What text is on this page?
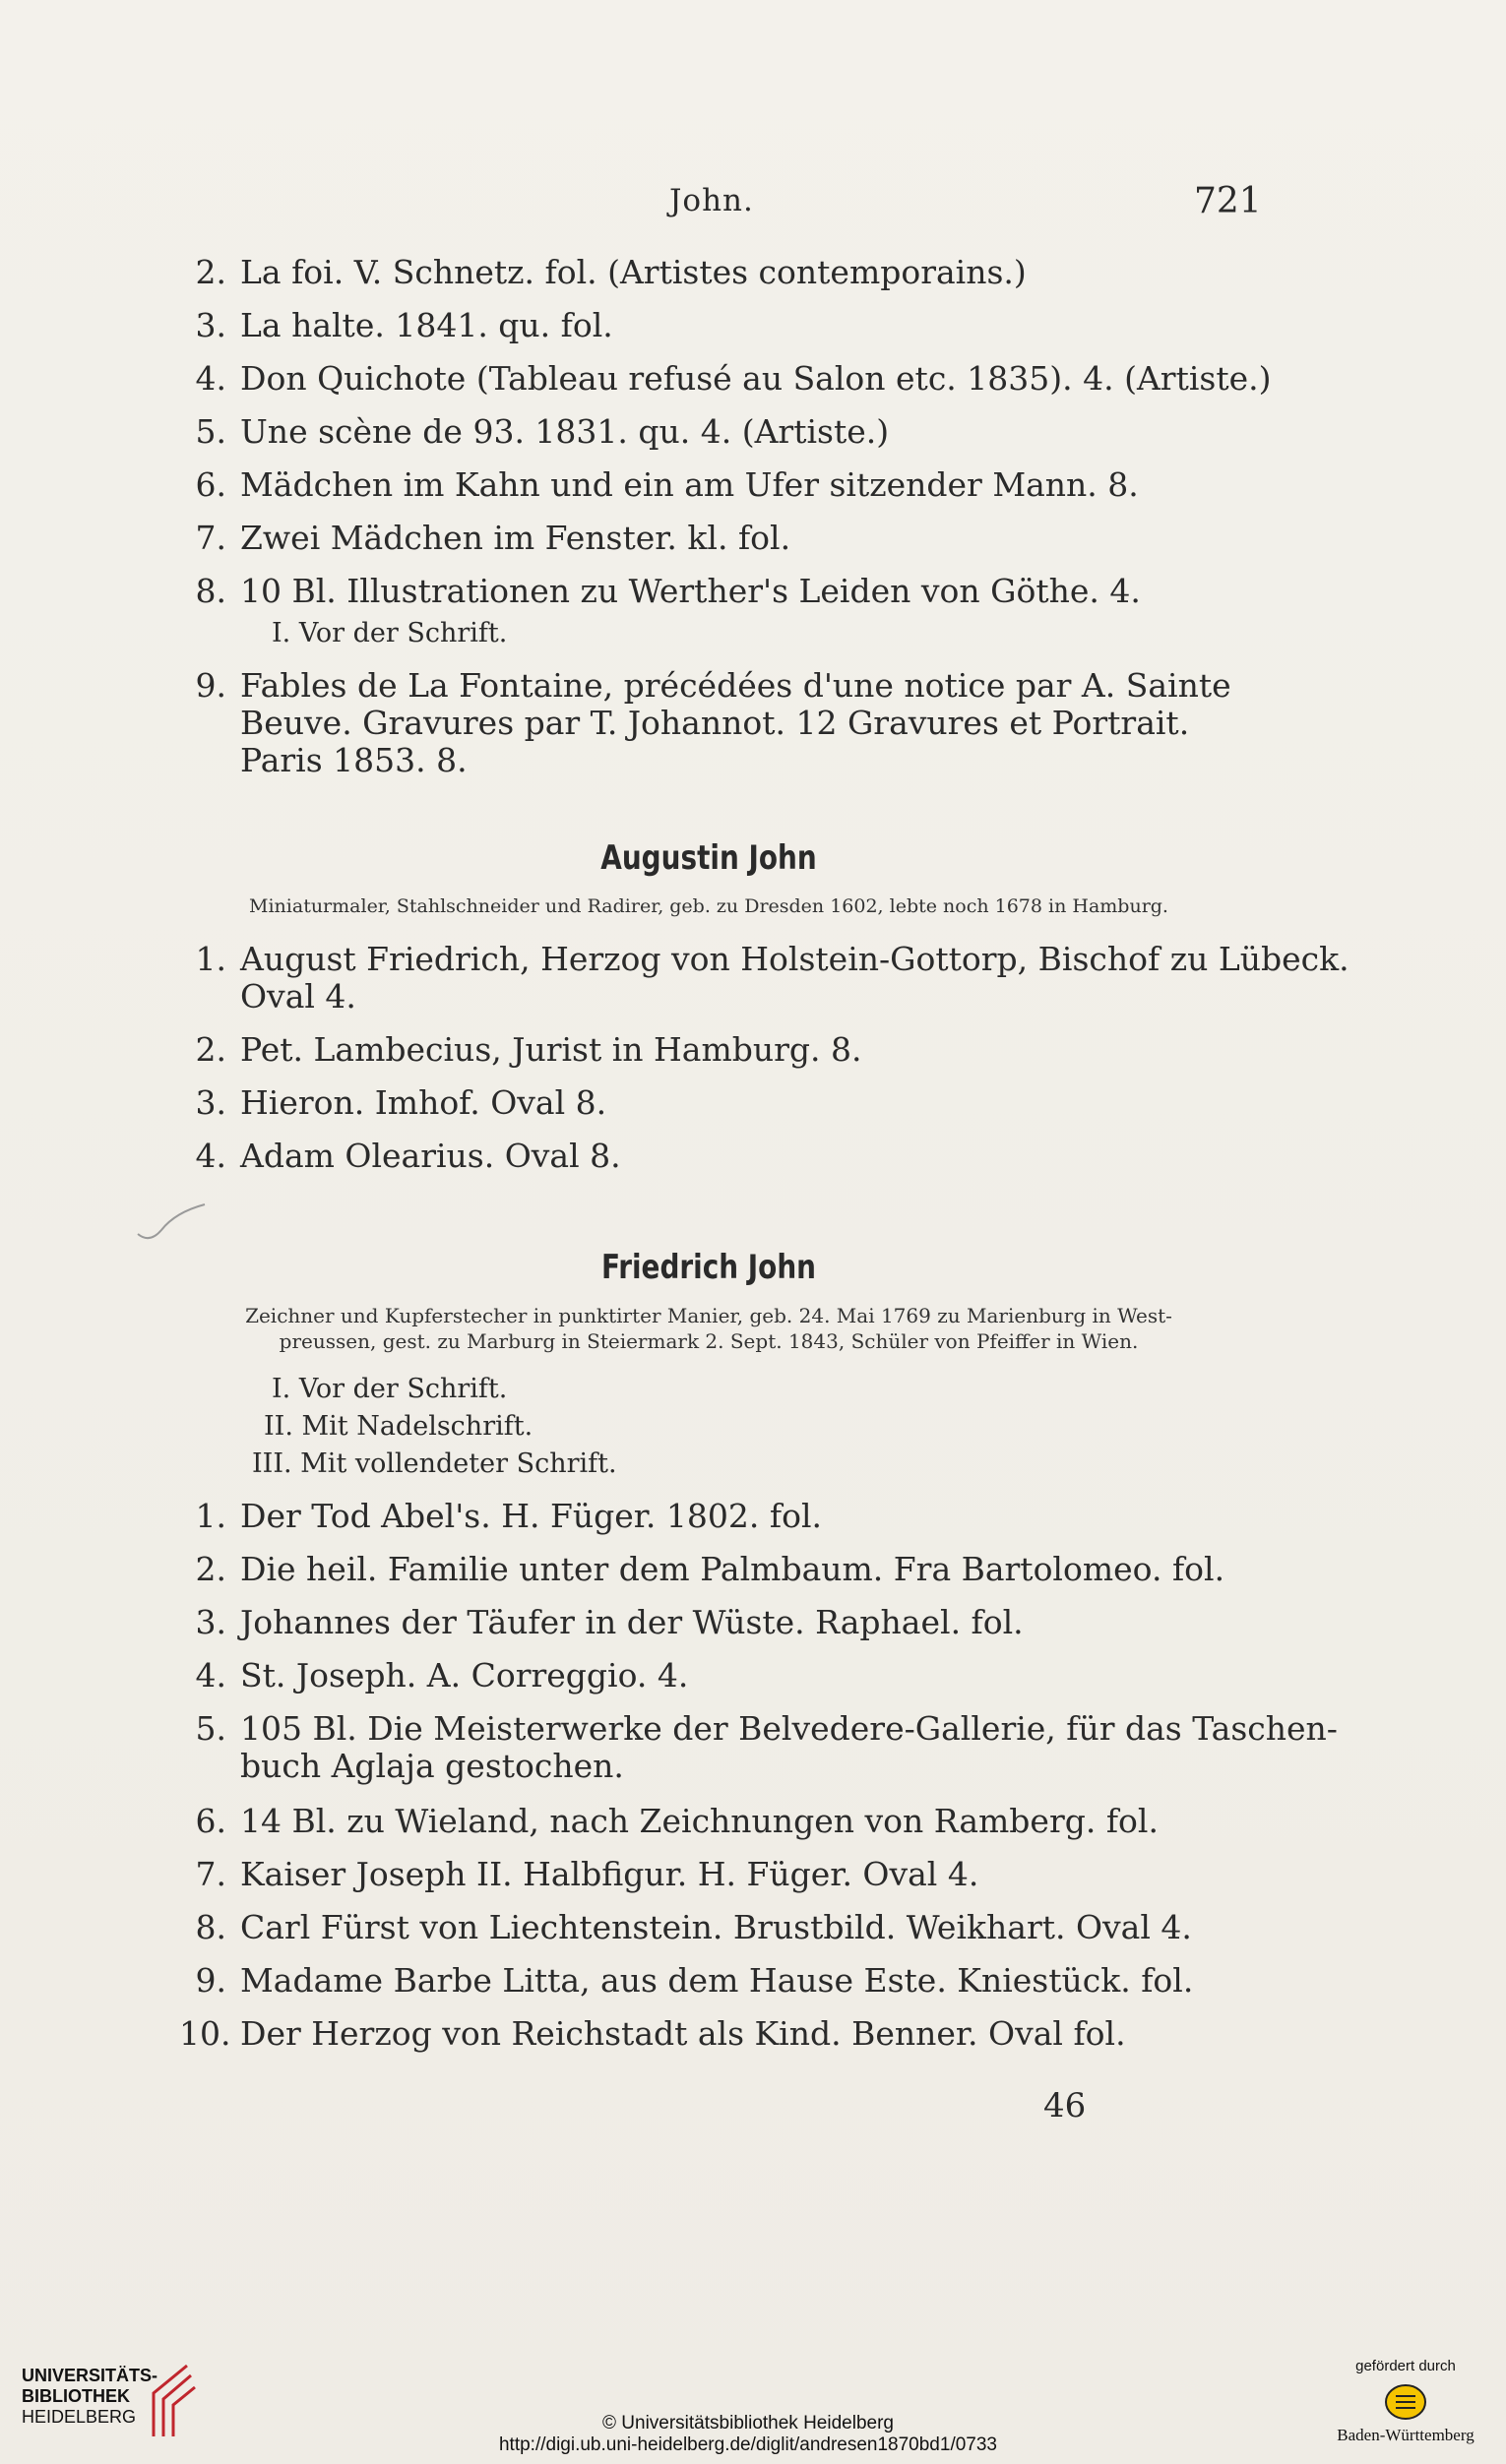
John.	721
2. La foi. V. Schnetz. fol. (Artistes contemporains.)
3. La halte. 1841. qu. fol.
4. Don Quichote (Tableau refusé au Salon etc. 1835). 4. (Artiste.)
5. Une scène de 93. 1831. qu. 4. (Artiste.)
6. Mädchen im Kahn und ein am Ufer sitzender Mann. 8.
7. Zwei Mädchen im Fenster. kl. fol.
8. 10 Bl. Illustrationen zu Werther's Leiden von Göthe. 4.
I. Vor der Schrift.
9. Fables de La Fontaine, précédées d'une notice par A. Sainte
Beuve. Gravures par T. Johannot. 12 Gravures et Portrait.
Paris 1853. 8.
Augustin John
Miniaturmaler, Stahlschneider und Radirer, geb. zu Dresden 1602, lebte noch 1678 in Hamburg.
1. August Friedrich, Herzog von Holstein-Gottorp, Bischof zu Lübeck.
Oval 4.
2. Pet. Lambecius, Jurist in Hamburg. 8.
3. Hieron. Imhof. Oval 8.
4. Adam Olearius. Oval 8.
Friedrich John
Zeichner und Kupferstecher in punktirter Manier, geb. 24. Mai 1769 zu Marienburg in West-
preussen, gest. zu Marburg in Steiermark 2. Sept. 1843, Schüler von Pfeiffer in Wien.
I. Vor der Schrift.
II. Mit Nadelschrift.
III. Mit vollendeter Schrift.
1. Der Tod Abel's. H. Füger. 1802. fol.
2. Die heil. Familie unter dem Palmbaum. Fra Bartolomeo. fol.
3. Johannes der Täufer in der Wüste. Raphael. fol.
4. St. Joseph. A. Correggio. 4.
5. 105 Bl. Die Meisterwerke der Belvedere-Gallerie, für das Taschen-
buch Aglaja gestochen.
6. 14 Bl. zu Wieland, nach Zeichnungen von Ramberg. fol.
7. Kaiser Joseph II. Halbfigur. H. Füger. Oval 4.
8. Carl Fürst von Liechtenstein. Brustbild. Weikhart. Oval 4.
9. Madame Barbe Litta, aus dem Hause Este. Kniestück. fol.
10. Der Herzog von Reichstadt als Kind. Benner. Oval fol.
46
UNIVERSITÄTS-
BIBLIOTHEK
HEIDELBERG	© Universitätsbibliothek Heidelberg
http://digi.ub.uni-heidelberg.de/diglit/andresen1870bd1/0733
gefördert durch
Baden-Württemberg
